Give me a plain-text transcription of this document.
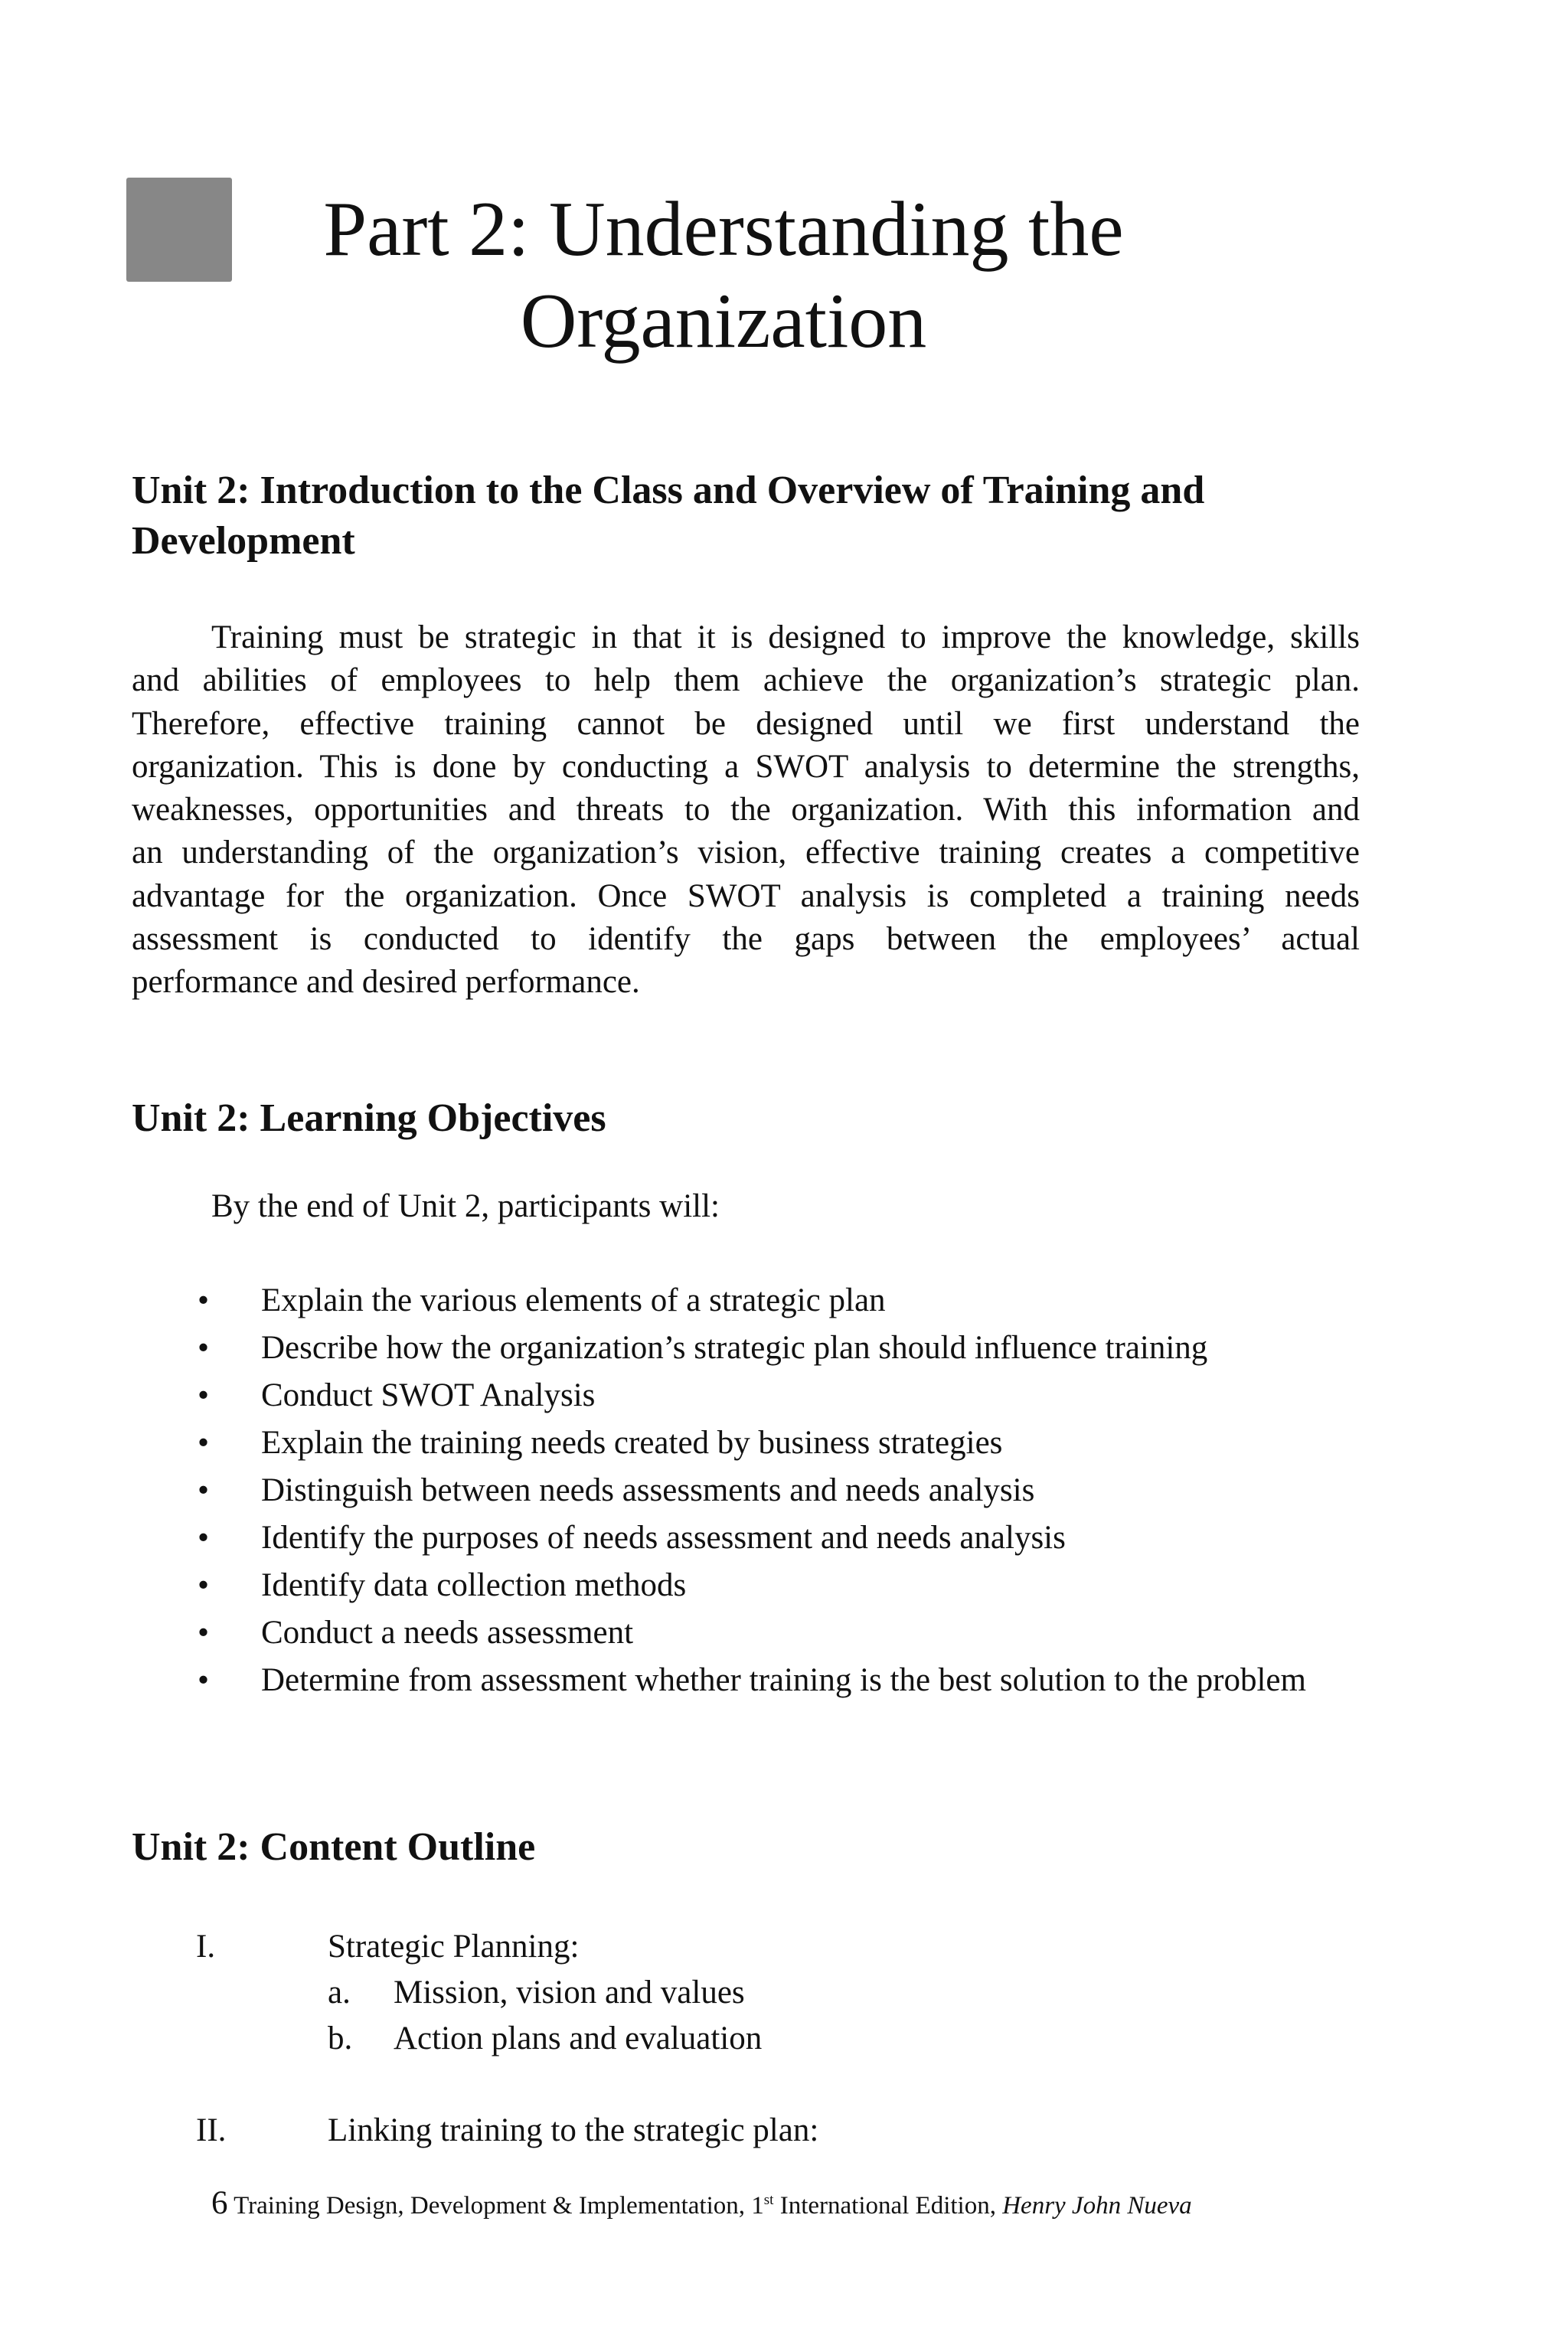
Part 2: Understanding the
Organization
Unit 2: Introduction to the Class and Overview of Training and
Development

Training must be strategic in that it is designed to improve the knowledge, skills
and abilities of employees to help them achieve the organization’s strategic plan.
Therefore, effective training cannot be designed until we first understand the
organization. This is done by conducting a SWOT analysis to determine the strengths,
weaknesses, opportunities and threats to the organization. With this information and
an understanding of the organization’s vision, effective training creates a competitive
advantage for the organization. Once SWOT analysis is completed a training needs
assessment is conducted to identify the gaps between the employees’ actual
performance and desired performance.

Unit 2: Learning Objectives

By the end of Unit 2, participants will:

• Explain the various elements of a strategic plan
• Describe how the organization’s strategic plan should influence training
• Conduct SWOT Analysis
• Explain the training needs created by business strategies
• Distinguish between needs assessments and needs analysis
• Identify the purposes of needs assessment and needs analysis
• Identify data collection methods
• Conduct a needs assessment
• Determine from assessment whether training is the best solution to the problem
Unit 2: Content Outline
I.	Strategic Planning:
a. Mission, vision and values
b. Action plans and evaluation
II.	Linking training to the strategic plan:
6 Training Design, Development & Implementation, 1st International Edition, Henry John Nueva
